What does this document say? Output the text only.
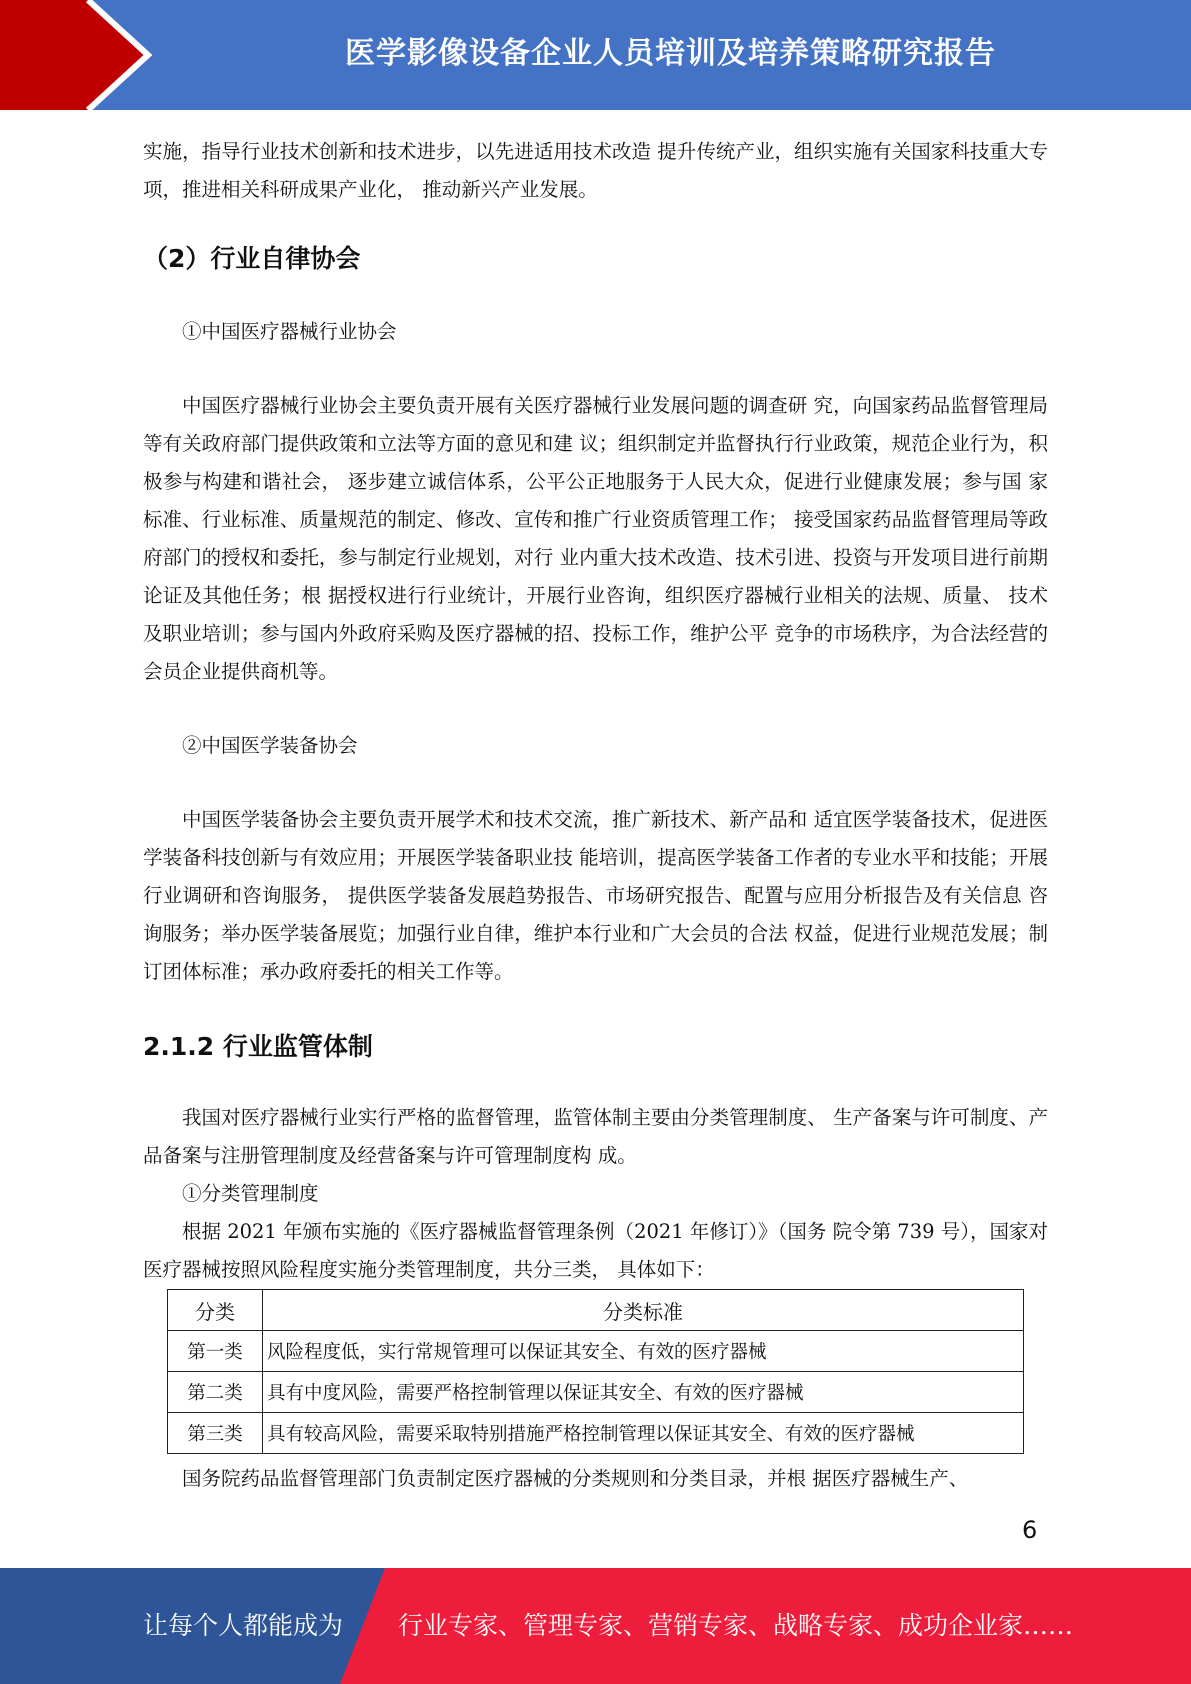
医学影像设备企业人员培训及培养策略研究报告

实施，指导行业技术创新和技术进步，以先进适用技术改造 提升传统产业，组织实施有关国家科技重大专项，推进相关科研成果产业化， 推动新兴产业发展。

（2）行业自律协会

①中国医疗器械行业协会

中国医疗器械行业协会主要负责开展有关医疗器械行业发展问题的调查研 究，向国家药品监督管理局等有关政府部门提供政策和立法等方面的意见和建 议；组织制定并监督执行行业政策，规范企业行为，积极参与构建和谐社会， 逐步建立诚信体系，公平公正地服务于人民大众，促进行业健康发展；参与国 家标准、行业标准、质量规范的制定、修改、宣传和推广行业资质管理工作； 接受国家药品监督管理局等政府部门的授权和委托，参与制定行业规划，对行 业内重大技术改造、技术引进、投资与开发项目进行前期论证及其他任务；根 据授权进行行业统计，开展行业咨询，组织医疗器械行业相关的法规、质量、 技术及职业培训；参与国内外政府采购及医疗器械的招、投标工作，维护公平 竞争的市场秩序，为合法经营的会员企业提供商机等。

②中国医学装备协会

中国医学装备协会主要负责开展学术和技术交流，推广新技术、新产品和 适宜医学装备技术，促进医学装备科技创新与有效应用；开展医学装备职业技 能培训，提高医学装备工作者的专业水平和技能；开展行业调研和咨询服务， 提供医学装备发展趋势报告、市场研究报告、配置与应用分析报告及有关信息 咨询服务；举办医学装备展览；加强行业自律，维护本行业和广大会员的合法 权益，促进行业规范发展；制订团体标准；承办政府委托的相关工作等。

2.1.2 行业监管体制

我国对医疗器械行业实行严格的监督管理，监管体制主要由分类管理制度、 生产备案与许可制度、产品备案与注册管理制度及经营备案与许可管理制度构 成。

①分类管理制度

根据 2021 年颁布实施的《医疗器械监督管理条例（2021 年修订）》（国务 院令第 739 号），国家对医疗器械按照风险程度实施分类管理制度，共分三类， 具体如下：

分类	分类标准
第一类	风险程度低，实行常规管理可以保证其安全、有效的医疗器械
第二类	具有中度风险，需要严格控制管理以保证其安全、有效的医疗器械
第三类	具有较高风险，需要采取特别措施严格控制管理以保证其安全、有效的医疗器械

国务院药品监督管理部门负责制定医疗器械的分类规则和分类目录，并根 据医疗器械生产、

6
让每个人都能成为 行业专家、管理专家、营销专家、战略专家、成功企业家……
